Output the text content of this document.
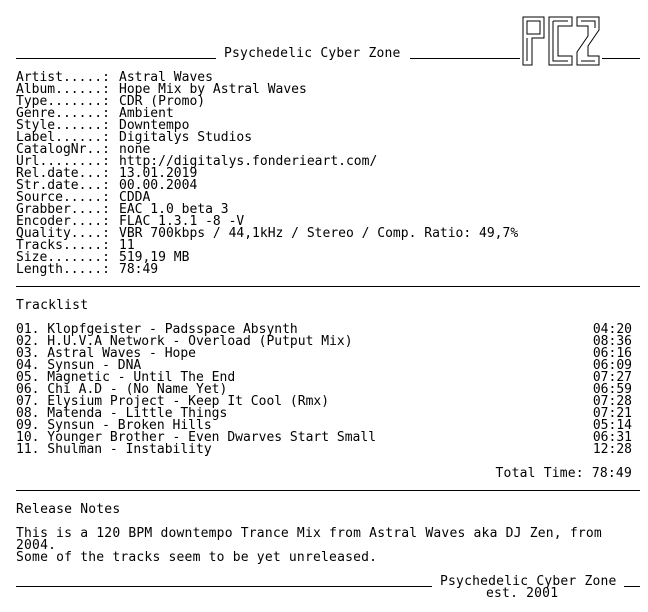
Psychedelic Cyber Zone
Artist.....: Astral Waves
Album......: Hope Mix by Astral Waves
Type.......: CDR (Promo)
Genre......: Ambient
Style......: Downtempo
Label......: Digitalys Studios
CatalogNr..: none
Url........: http://digitalys.fonderieart.com/
Rel.date...: 13.01.2019
Str.date...: 00.00.2004
Source.....: CDDA
Grabber....: EAC 1.0 beta 3
Encoder....: FLAC 1.3.1 -8 -V
Quality....: VBR 700kbps / 44,1kHz / Stereo / Comp. Ratio: 49,7%
Tracks.....: 11
Size.......: 519,19 MB
Length.....: 78:49
Tracklist
01. Klopfgeister - Padsspace Absynth	04:20
02. H.U.V.A Network - Overload (Putput Mix)	08:36
03. Astral Waves - Hope	06:16
04. Synsun - DNA	06:09
05. Magnetic - Until The End	07:27
06. Chi A.D - (No Name Yet)	06:59
07. Elysium Project - Keep It Cool (Rmx)	07:28
08. Matenda - Little Things	07:21
09. Synsun - Broken Hills	05:14
10. Younger Brother - Even Dwarves Start Small	06:31
11. Shulman - Instability	12:28
Total Time: 78:49
Release Notes
This is a 120 BPM downtempo Trance Mix from Astral Waves aka DJ Zen, from
2004.
Some of the tracks seem to be yet unreleased.
Psychedelic Cyber Zone
est. 2001
